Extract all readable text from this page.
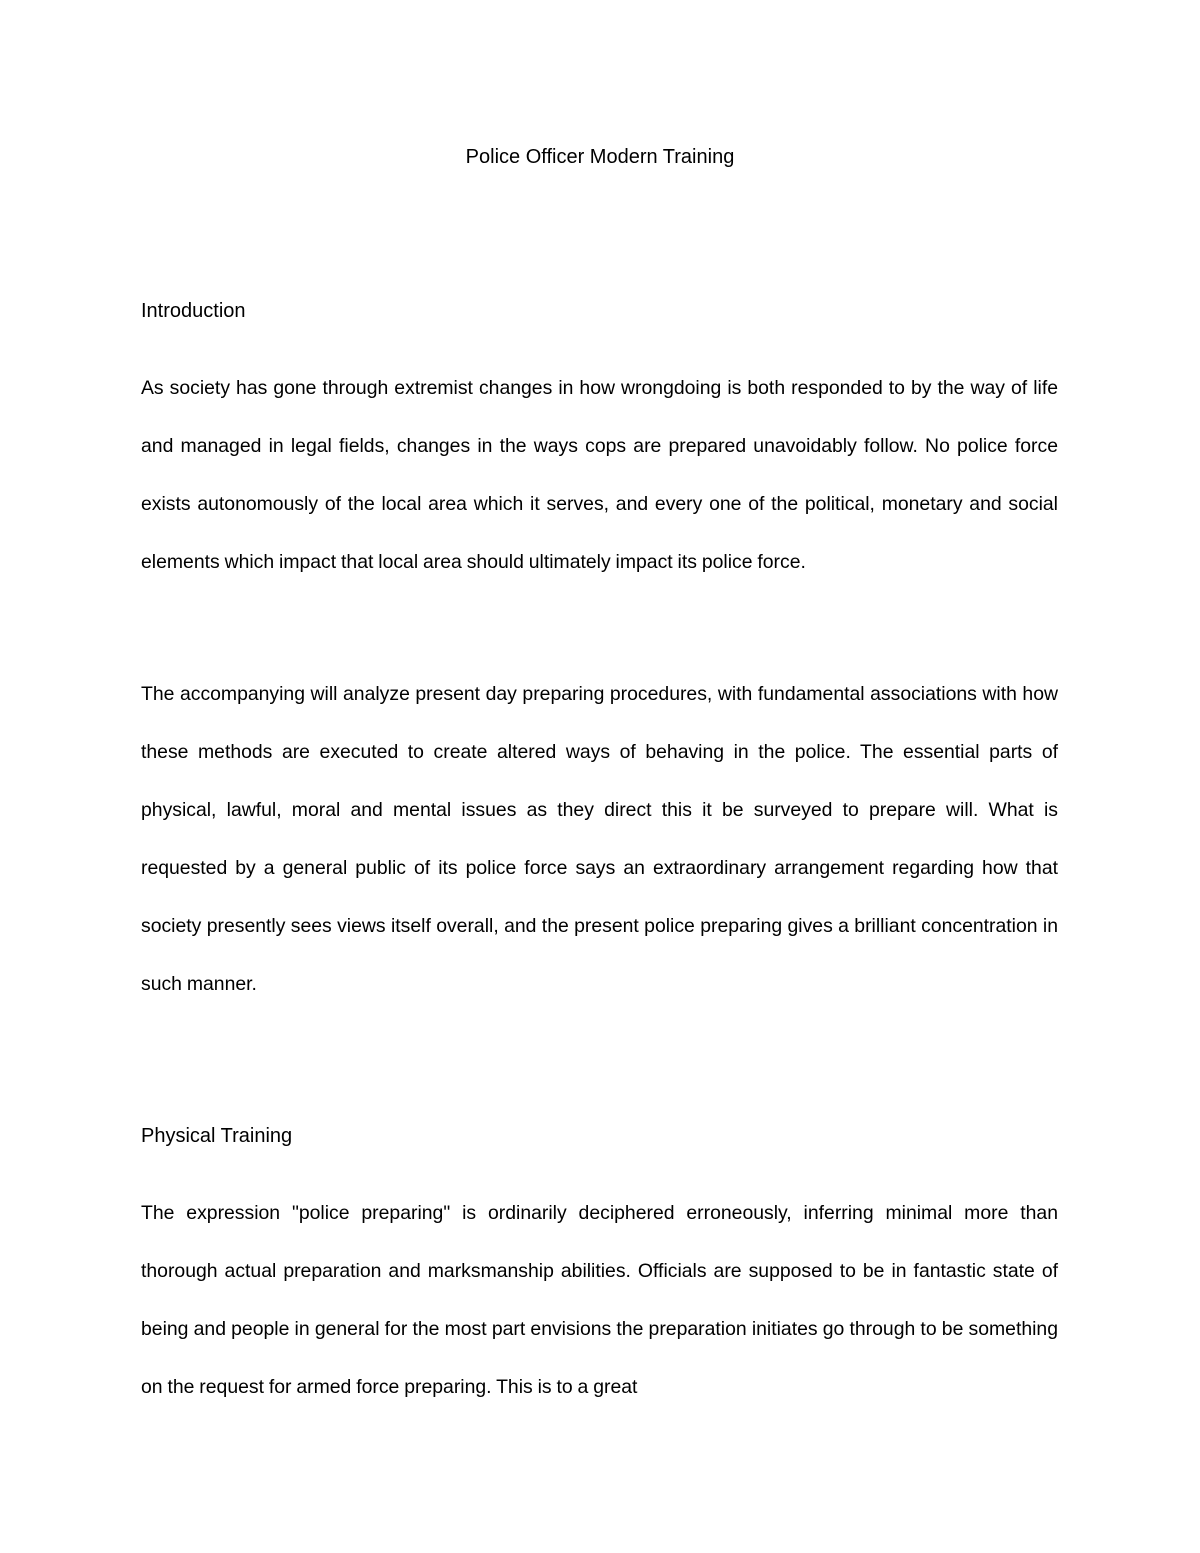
Police Officer Modern Training
Introduction
As society has gone through extremist changes in how wrongdoing is both responded to by the way of life and managed in legal fields, changes in the ways cops are prepared unavoidably follow. No police force exists autonomously of the local area which it serves, and every one of the political, monetary and social elements which impact that local area should ultimately impact its police force.
The accompanying will analyze present day preparing procedures, with fundamental associations with how these methods are executed to create altered ways of behaving in the police. The essential parts of physical, lawful, moral and mental issues as they direct this it be surveyed to prepare will. What is requested by a general public of its police force says an extraordinary arrangement regarding how that society presently sees views itself overall, and the present police preparing gives a brilliant concentration in such manner.
Physical Training
The expression "police preparing" is ordinarily deciphered erroneously, inferring minimal more than thorough actual preparation and marksmanship abilities. Officials are supposed to be in fantastic state of being and people in general for the most part envisions the preparation initiates go through to be something on the request for armed force preparing. This is to a great
